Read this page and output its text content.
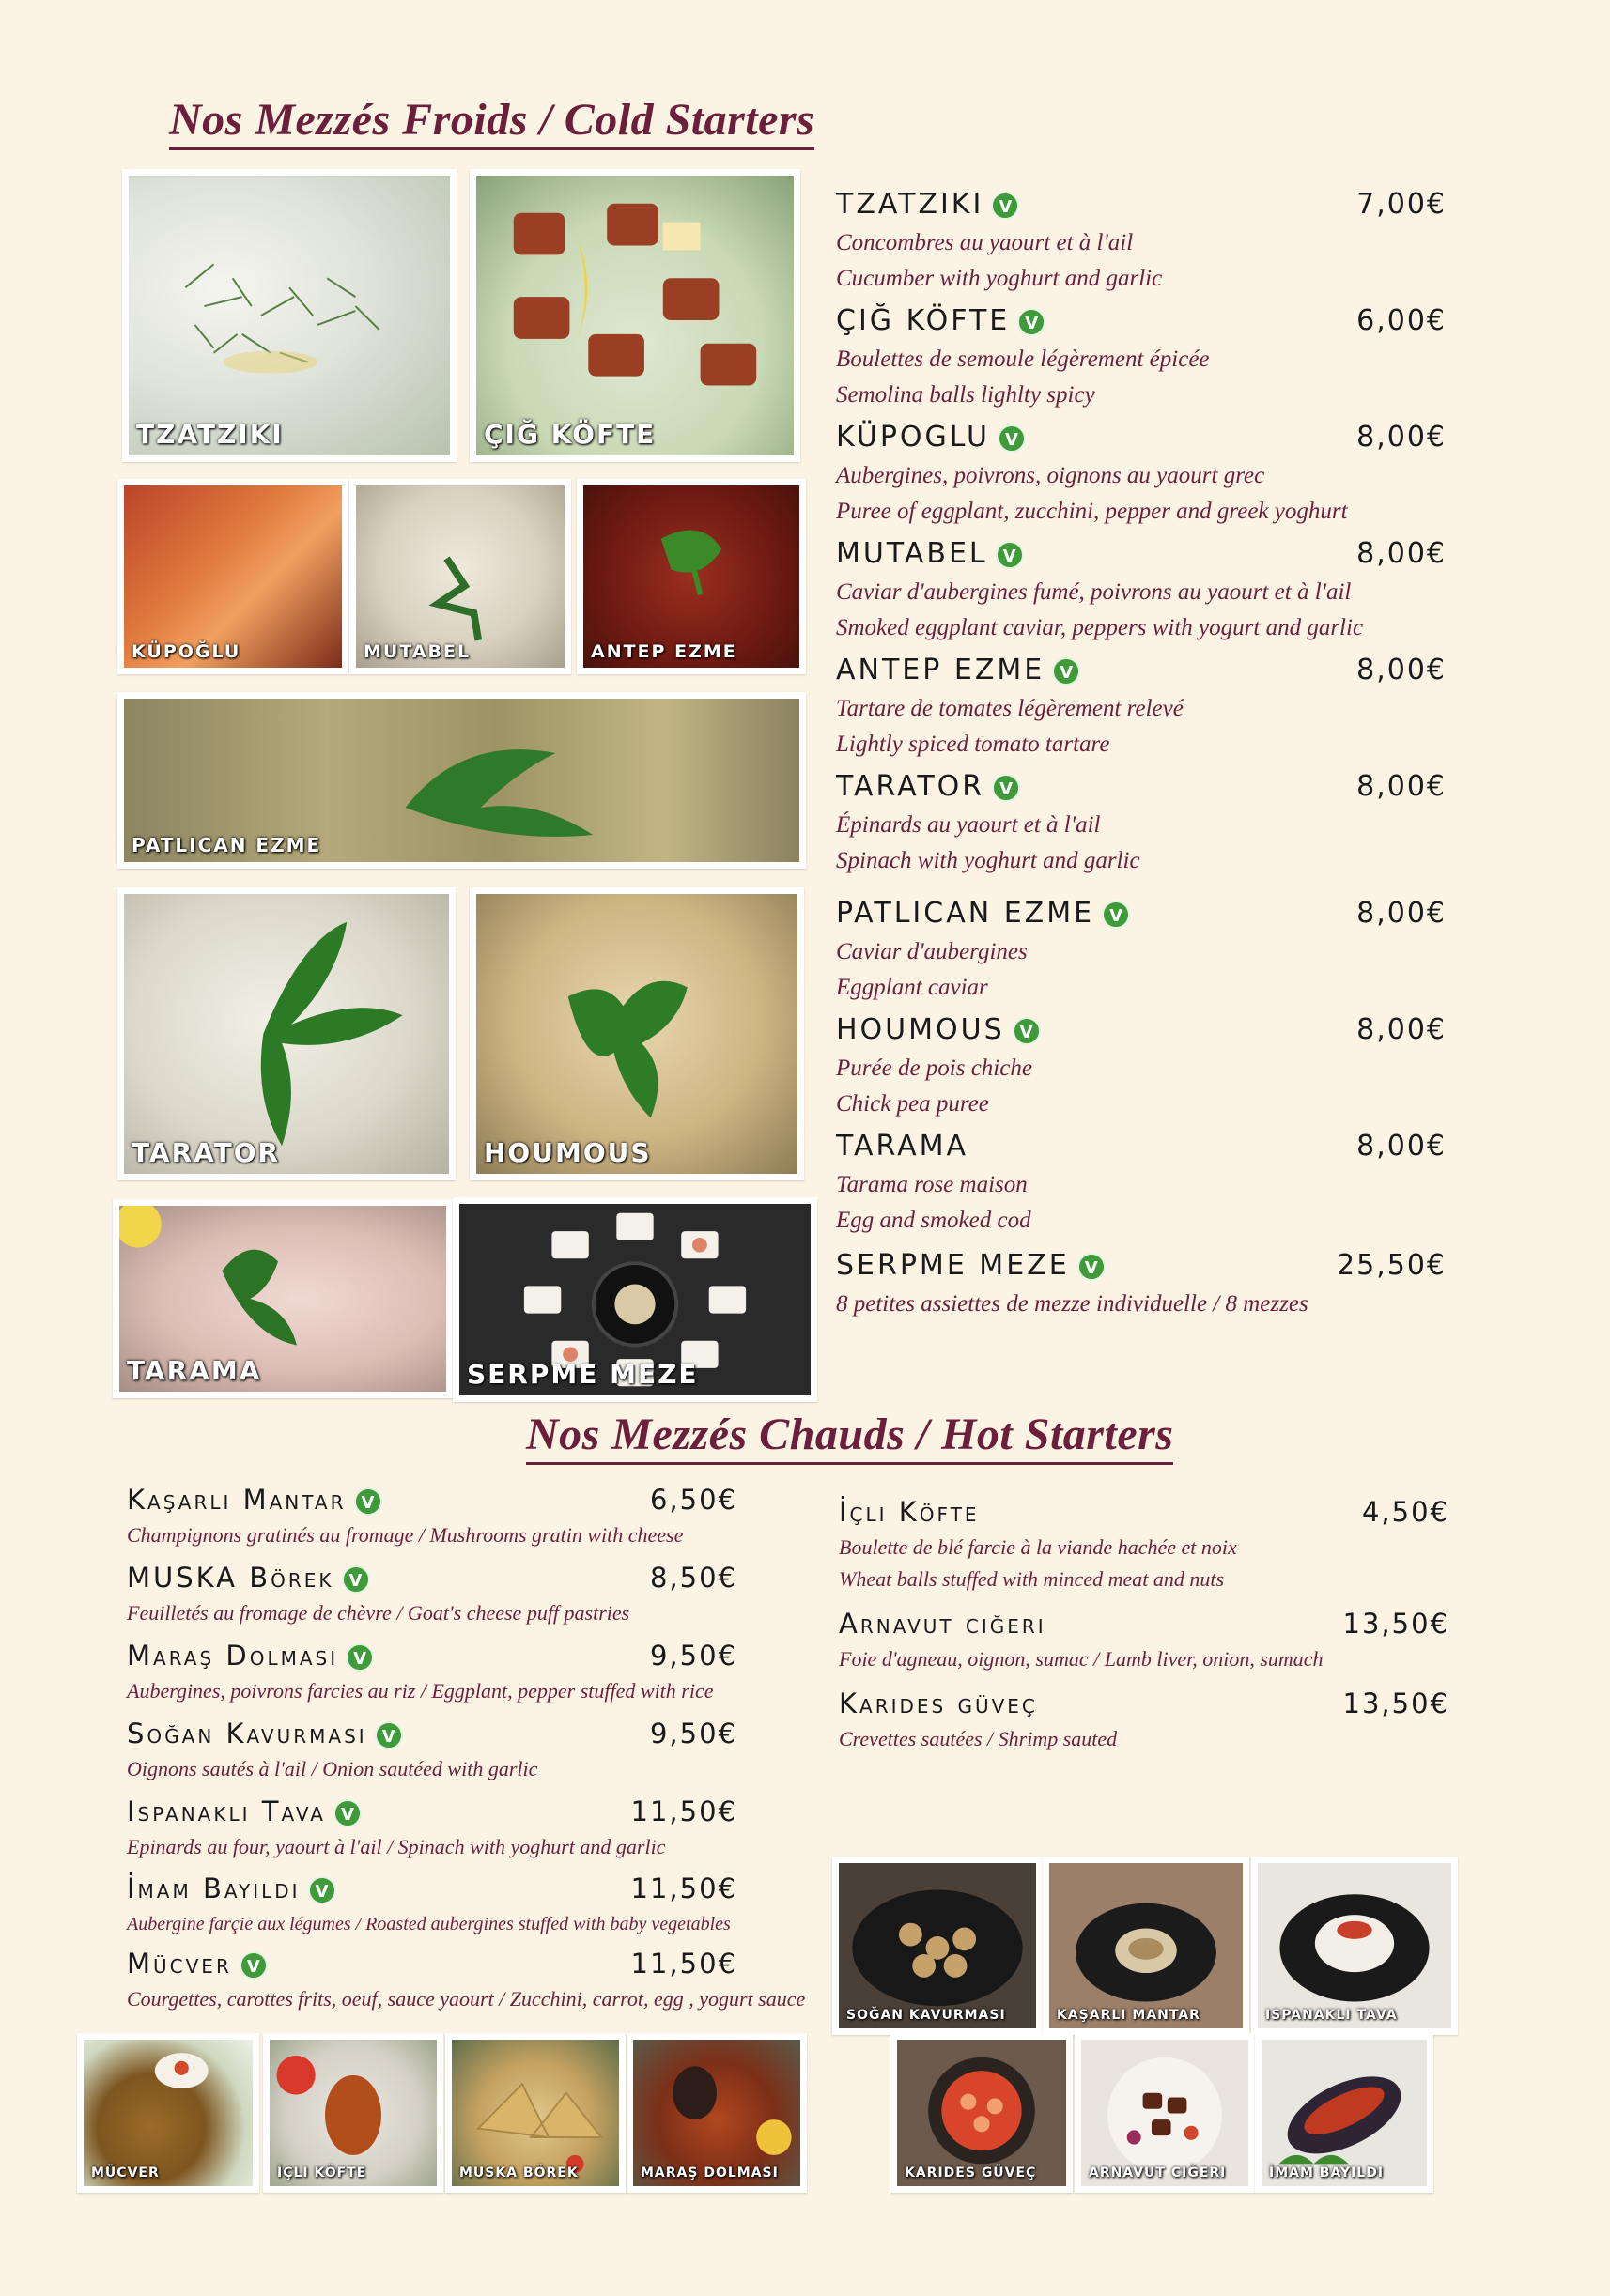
Nos Mezzés Froids / Cold Starters
TZATZIKI	ÇIĞ KÖFTE
KÜPOĞLU	MUTABEL	ANTEP EZME
PATLICAN EZME
TARATOR	HOUMOUS
TARAMA	SERPME MEZE
TZATZIKI V	7,00€
Concombres au yaourt et à l'ail
Cucumber with yoghurt and garlic
ÇIĞ KÖFTE V	6,00€
Boulettes de semoule légèrement épicée
Semolina balls lighlty spicy
KÜPOGLU V	8,00€
Aubergines, poivrons, oignons au yaourt grec
Puree of eggplant, zucchini, pepper and greek yoghurt
MUTABEL V	8,00€
Caviar d'aubergines fumé, poivrons au yaourt et à l'ail
Smoked eggplant caviar, peppers with yogurt and garlic
ANTEP EZME V	8,00€
Tartare de tomates légèrement relevé
Lightly spiced tomato tartare
TARATOR V	8,00€
Épinards au yaourt et à l'ail
Spinach with yoghurt and garlic
PATLICAN EZME V	8,00€
Caviar d'aubergines
Eggplant caviar
HOUMOUS V	8,00€
Purée de pois chiche
Chick pea puree
TARAMA	8,00€
Tarama rose maison
Egg and smoked cod
SERPME MEZE V	25,50€
8 petites assiettes de mezze individuelle / 8 mezzes
Nos Mezzés Chauds / Hot Starters
Kaşarli Mantar V	6,50€
Champignons gratinés au fromage / Mushrooms gratin with cheese
MUSKA Börek V	8,50€
Feuilletés au fromage de chèvre / Goat's cheese puff pastries
Maraş Dolmasi V	9,50€
Aubergines, poivrons farcies au riz / Eggplant, pepper stuffed with rice
Soğan Kavurmasi V	9,50€
Oignons sautés à l'ail / Onion sautéed with garlic
Ispanakli Tava V	11,50€
Epinards au four, yaourt à l'ail / Spinach with yoghurt and garlic
İmam Bayildi V	11,50€
Aubergine farçie aux légumes / Roasted aubergines stuffed with baby vegetables
Mücver V	11,50€
Courgettes, carottes frits, oeuf, sauce yaourt / Zucchini, carrot, egg , yogurt sauce
İçli Köfte	4,50€
Boulette de blé farcie à la viande hachée et noix
Wheat balls stuffed with minced meat and nuts
Arnavut ciğeri	13,50€
Foie d'agneau, oignon, sumac / Lamb liver, onion, sumach
Karides güveç	13,50€
Crevettes sautées / Shrimp sauted
MÜCVER	İÇLI KÖFTE	MUSKA BÖREK	MARAŞ DOLMASI
SOĞAN KAVURMASI	KAŞARLI MANTAR	ISPANAKLI TAVA
KARIDES GÜVEÇ	ARNAVUT CIĞERI	İMAM BAYILDI
